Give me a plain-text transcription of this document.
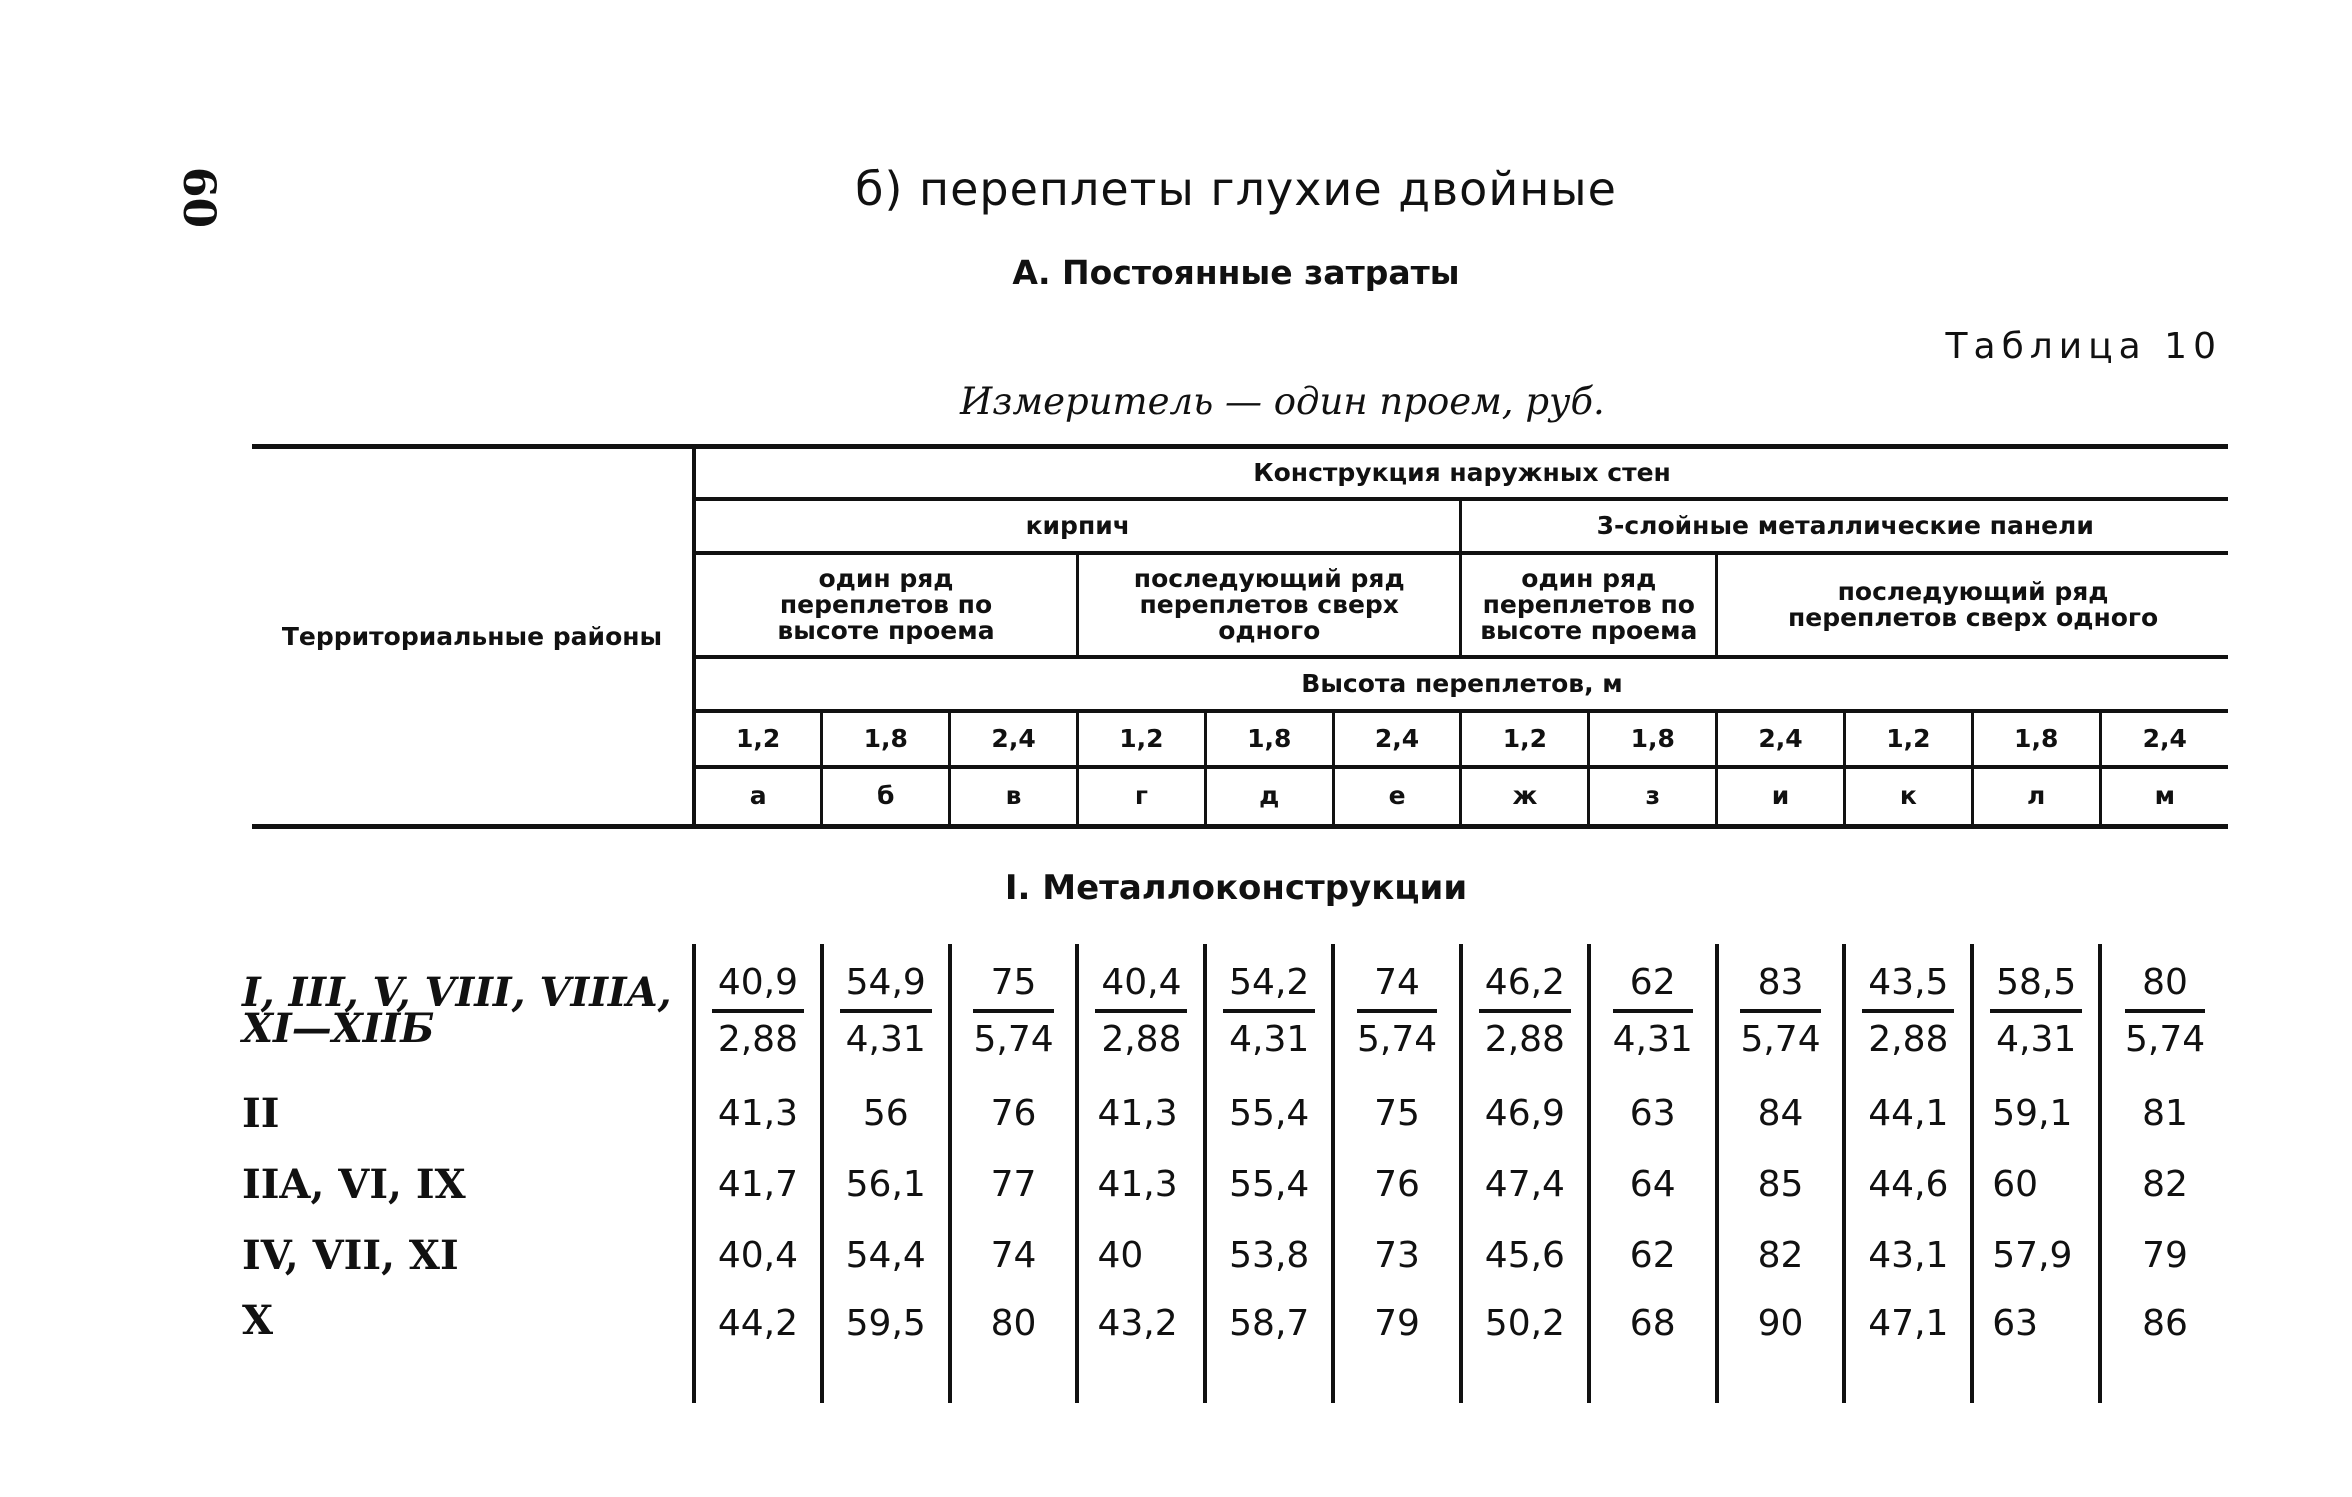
60	б) переплеты глухие двойные
А. Постоянные затраты
Таблица 10
Измеритель — один проем, руб.
Территориальные районы	Конструкция наружных стен											
	кирпич						3-слойные металлические панели					
	один ряд переплетов по высоте проема			последующий ряд переплетов сверх одного			один ряд переплетов по высоте проема		последующий ряд переплетов сверх одного			
	Высота переплетов, м											
	1,2	1,8	2,4	1,2	1,8	2,4	1,2	1,8	2,4	1,2	1,8	2,4
	а	б	в	г	д	е	ж	з	и	к	л	м
I. Металлоконструкции
I, III, V, VIII, VIIIA, XI—XIIБ	$\frac{40,9}{2,88}$	$\frac{54,9}{4,31}$	$\frac{75}{5,74}$	$\frac{40,4}{2,88}$	$\frac{54,2}{4,31}$	$\frac{74}{5,74}$	$\frac{46,2}{2,88}$	$\frac{62}{4,31}$	$\frac{83}{5,74}$	$\frac{43,5}{2,88}$	$\frac{58,5}{4,31}$	$\frac{80}{5,74}$

II	41,3	56	76	41,3	55,4	75	46,9	63	84	44,1	59,1	81
IIA, VI, IX	41,7	56,1	77	41,3	55,4	76	47,4	64	85	44,6	60	82
IV, VII, XI	40,4	54,4	74	40	53,8	73	45,6	62	82	43,1	57,9	79
X	44,2	59,5	80	43,2	58,7	79	50,2	68	90	47,1	63	86
